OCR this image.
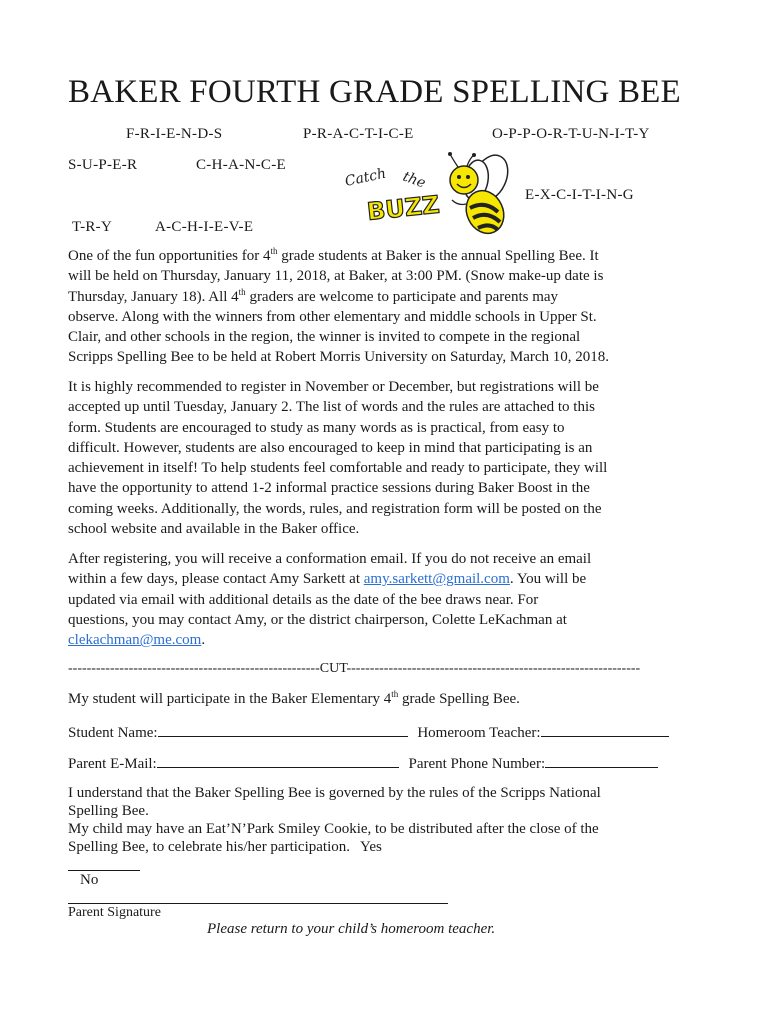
BAKER FOURTH GRADE SPELLING BEE
F-R-I-E-N-D-S	P-R-A-C-T-I-C-E	O-P-P-O-R-T-U-N-I-T-Y
S-U-P-E-R	C-H-A-N-C-E
E-X-C-I-T-I-N-G
T-R-Y	A-C-H-I-E-V-E
Catch the
BUZZ
One of the fun opportunities for 4th grade students at Baker is the annual Spelling Bee. It
will be held on Thursday, January 11, 2018, at Baker, at 3:00 PM. (Snow make-up date is
Thursday, January 18). All 4th graders are welcome to participate and parents may
observe. Along with the winners from other elementary and middle schools in Upper St.
Clair, and other schools in the region, the winner is invited to compete in the regional
Scripps Spelling Bee to be held at Robert Morris University on Saturday, March 10, 2018.
It is highly recommended to register in November or December, but registrations will be
accepted up until Tuesday, January 2. The list of words and the rules are attached to this
form. Students are encouraged to study as many words as is practical, from easy to
difficult. However, students are also encouraged to keep in mind that participating is an
achievement in itself! To help students feel comfortable and ready to participate, they will
have the opportunity to attend 1-2 informal practice sessions during Baker Boost in the
coming weeks. Additionally, the words, rules, and registration form will be posted on the
school website and available in the Baker office.
After registering, you will receive a conformation email. If you do not receive an email
within a few days, please contact Amy Sarkett at amy.sarkett@gmail.com. You will be
updated via email with additional details as the date of the bee draws near. For
questions, you may contact Amy, or the district chairperson, Colette LeKachman at
clekachman@me.com.
------------------------------------------------------CUT---------------------------------------------------------------
My student will participate in the Baker Elementary 4th grade Spelling Bee.
Student Name:	Homeroom Teacher:
Parent E-Mail:	Parent Phone Number:
I understand that the Baker Spelling Bee is governed by the rules of the Scripps National
Spelling Bee.
My child may have an Eat’N’Park Smiley Cookie, to be distributed after the close of the
Spelling Bee, to celebrate his/her participation. Yes
No
Parent Signature
Please return to your child’s homeroom teacher.
